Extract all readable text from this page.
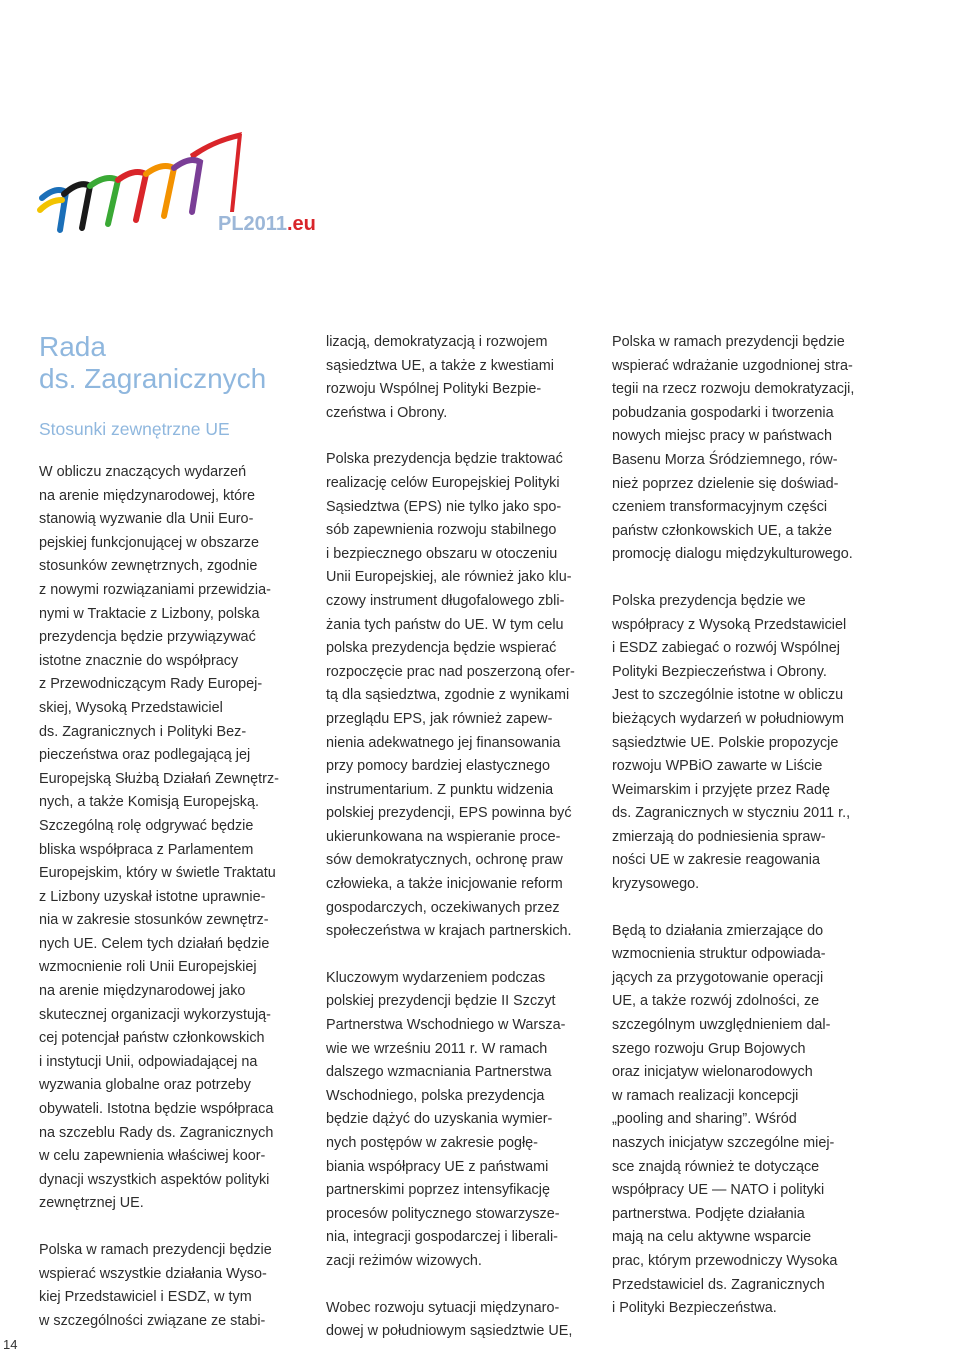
PL2011.eu
Rada
ds. Zagranicznych
Stosunki zewnętrzne UE

W obliczu znaczących wydarzeń
na arenie międzynarodowej, które
stanowią wyzwanie dla Unii Euro-
pejskiej funkcjonującej w obszarze
stosunków zewnętrznych, zgodnie
z nowymi rozwiązaniami przewidzia-
nymi w Traktacie z Lizbony, polska
prezydencja będzie przywiązywać
istotne znacznie do współpracy
z Przewodniczącym Rady Europej-
skiej, Wysoką Przedstawiciel
ds. Zagranicznych i Polityki Bez-
pieczeństwa oraz podlegającą jej
Europejską Służbą Działań Zewnętrz-
nych, a także Komisją Europejską.
Szczególną rolę odgrywać będzie
bliska współpraca z Parlamentem
Europejskim, który w świetle Traktatu
z Lizbony uzyskał istotne uprawnie-
nia w zakresie stosunków zewnętrz-
nych UE. Celem tych działań będzie
wzmocnienie roli Unii Europejskiej
na arenie międzynarodowej jako
skutecznej organizacji wykorzystują-
cej potencjał państw członkowskich
i instytucji Unii, odpowiadającej na
wyzwania globalne oraz potrzeby
obywateli. Istotna będzie współpraca
na szczeblu Rady ds. Zagranicznych
w celu zapewnienia właściwej koor-
dynacji wszystkich aspektów polityki
zewnętrznej UE.

Polska w ramach prezydencji będzie
wspierać wszystkie działania Wyso-
kiej Przedstawiciel i ESDZ, w tym
w szczególności związane ze stabi-

lizacją, demokratyzacją i rozwojem
sąsiedztwa UE, a także z kwestiami
rozwoju Wspólnej Polityki Bezpie-
czeństwa i Obrony.

Polska prezydencja będzie traktować
realizację celów Europejskiej Polityki
Sąsiedztwa (EPS) nie tylko jako spo-
sób zapewnienia rozwoju stabilnego
i bezpiecznego obszaru w otoczeniu
Unii Europejskiej, ale również jako klu-
czowy instrument długofalowego zbli-
żania tych państw do UE. W tym celu
polska prezydencja będzie wspierać
rozpoczęcie prac nad poszerzoną ofer-
tą dla sąsiedztwa, zgodnie z wynikami
przeglądu EPS, jak również zapew-
nienia adekwatnego jej finansowania
przy pomocy bardziej elastycznego
instrumentarium. Z punktu widzenia
polskiej prezydencji, EPS powinna być
ukierunkowana na wspieranie proce-
sów demokratycznych, ochronę praw
człowieka, a także inicjowanie reform
gospodarczych, oczekiwanych przez
społeczeństwa w krajach partnerskich.

Kluczowym wydarzeniem podczas
polskiej prezydencji będzie II Szczyt
Partnerstwa Wschodniego w Warsza-
wie we wrześniu 2011 r. W ramach
dalszego wzmacniania Partnerstwa
Wschodniego, polska prezydencja
będzie dążyć do uzyskania wymier-
nych postępów w zakresie pogłę-
biania współpracy UE z państwami
partnerskimi poprzez intensyfikację
procesów politycznego stowarzysze-
nia, integracji gospodarczej i liberali-
zacji reżimów wizowych.

Wobec rozwoju sytuacji międzynaro-
dowej w południowym sąsiedztwie UE,

Polska w ramach prezydencji będzie
wspierać wdrażanie uzgodnionej stra-
tegii na rzecz rozwoju demokratyzacji,
pobudzania gospodarki i tworzenia
nowych miejsc pracy w państwach
Basenu Morza Śródziemnego, rów-
nież poprzez dzielenie się doświad-
czeniem transformacyjnym części
państw członkowskich UE, a także
promocję dialogu międzykulturowego.

Polska prezydencja będzie we
współpracy z Wysoką Przedstawiciel
i ESDZ zabiegać o rozwój Wspólnej
Polityki Bezpieczeństwa i Obrony.
Jest to szczególnie istotne w obliczu
bieżących wydarzeń w południowym
sąsiedztwie UE. Polskie propozycje
rozwoju WPBiO zawarte w Liście
Weimarskim i przyjęte przez Radę
ds. Zagranicznych w styczniu 2011 r.,
zmierzają do podniesienia spraw-
ności UE w zakresie reagowania
kryzysowego.

Będą to działania zmierzające do
wzmocnienia struktur odpowiada-
jących za przygotowanie operacji
UE, a także rozwój zdolności, ze
szczególnym uwzględnieniem dal-
szego rozwoju Grup Bojowych
oraz inicjatyw wielonarodowych
w ramach realizacji koncepcji
„pooling and sharing”. Wśród
naszych inicjatyw szczególne miej-
sce znajdą również te dotyczące
współpracy UE — NATO i polityki
partnerstwa. Podjęte działania
mają na celu aktywne wsparcie
prac, którym przewodniczy Wysoka
Przedstawiciel ds. Zagranicznych
i Polityki Bezpieczeństwa.

14
